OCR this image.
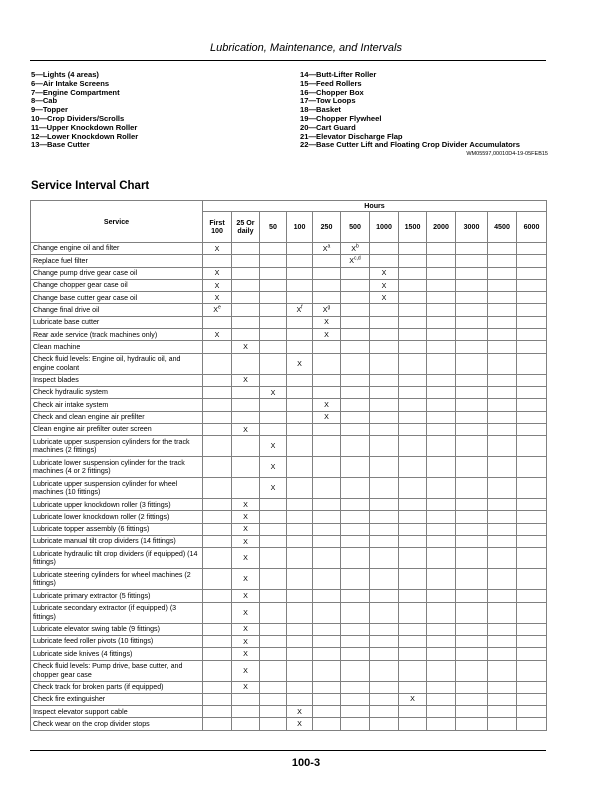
Lubrication, Maintenance, and Intervals
5—Lights (4 areas)
6—Air Intake Screens
7—Engine Compartment
8—Cab
9—Topper
10—Crop Dividers/Scrolls
11—Upper Knockdown Roller
12—Lower Knockdown Roller
13—Base Cutter
14—Butt-Lifter Roller
15—Feed Rollers
16—Chopper Box
17—Tow Loops
18—Basket
19—Chopper Flywheel
20—Cart Guard
21—Elevator Discharge Flap
22—Base Cutter Lift and Floating Crop Divider Accumulators
WM05597,00010D4-19-05FEB15
Service Interval Chart
Service	Hours											
	First 100	25 Or daily	50	100	250	500	1000	1500	2000	3000	4500	6000
Change engine oil and filter	X				$X^a$	$X^b$						
Replace fuel filter						X$^{c,d}$						
Change pump drive gear case oil	X						X					
Change chopper gear case oil	X						X					
Change base cutter gear case oil	X						X					
Change final drive oil	Xe			$X^f$	$X^g$							
Lubricate base cutter					X							
Rear axle service (track machines only)	X				X							
Clean machine		X										
Check fluid levels: Engine oil, hydraulic oil, and engine coolant				X								
Inspect blades		X										
Check hydraulic system			X									
Check air intake system					X							
Check and clean engine air prefilter					X							
Clean engine air prefilter outer screen		X										
Lubricate upper suspension cylinders for the track machines (2 fittings)			X									
Lubricate lower suspension cylinder for the track machines (4 or 2 fittings)			X									
Lubricate upper suspension cylinder for wheel machines (10 fittings)			X									
Lubricate upper knockdown roller (3 fittings)		X										
Lubricate lower knockdown roller (2 fittings)		X										
Lubricate topper assembly (6 fittings)		X										
Lubricate manual tilt crop dividers (14 fittings)		X										
Lubricate hydraulic tilt crop dividers (if equipped) (14 fittings)		X										
Lubricate steering cylinders for wheel machines (2 fittings)		X										
Lubricate primary extractor (5 fittings)		X										
Lubricate secondary extractor (if equipped) (3 fittings)		X										
Lubricate elevator swing table (9 fittings)		X										
Lubricate feed roller pivots (10 fittings)		X										
Lubricate side knives (4 fittings)		X										
Check fluid levels: Pump drive, base cutter, and chopper gear case		X										
Check track for broken parts (if equipped)		X										
Check fire extinguisher								X				
Inspect elevator support cable				X								
Check wear on the crop divider stops				X								
100-3
